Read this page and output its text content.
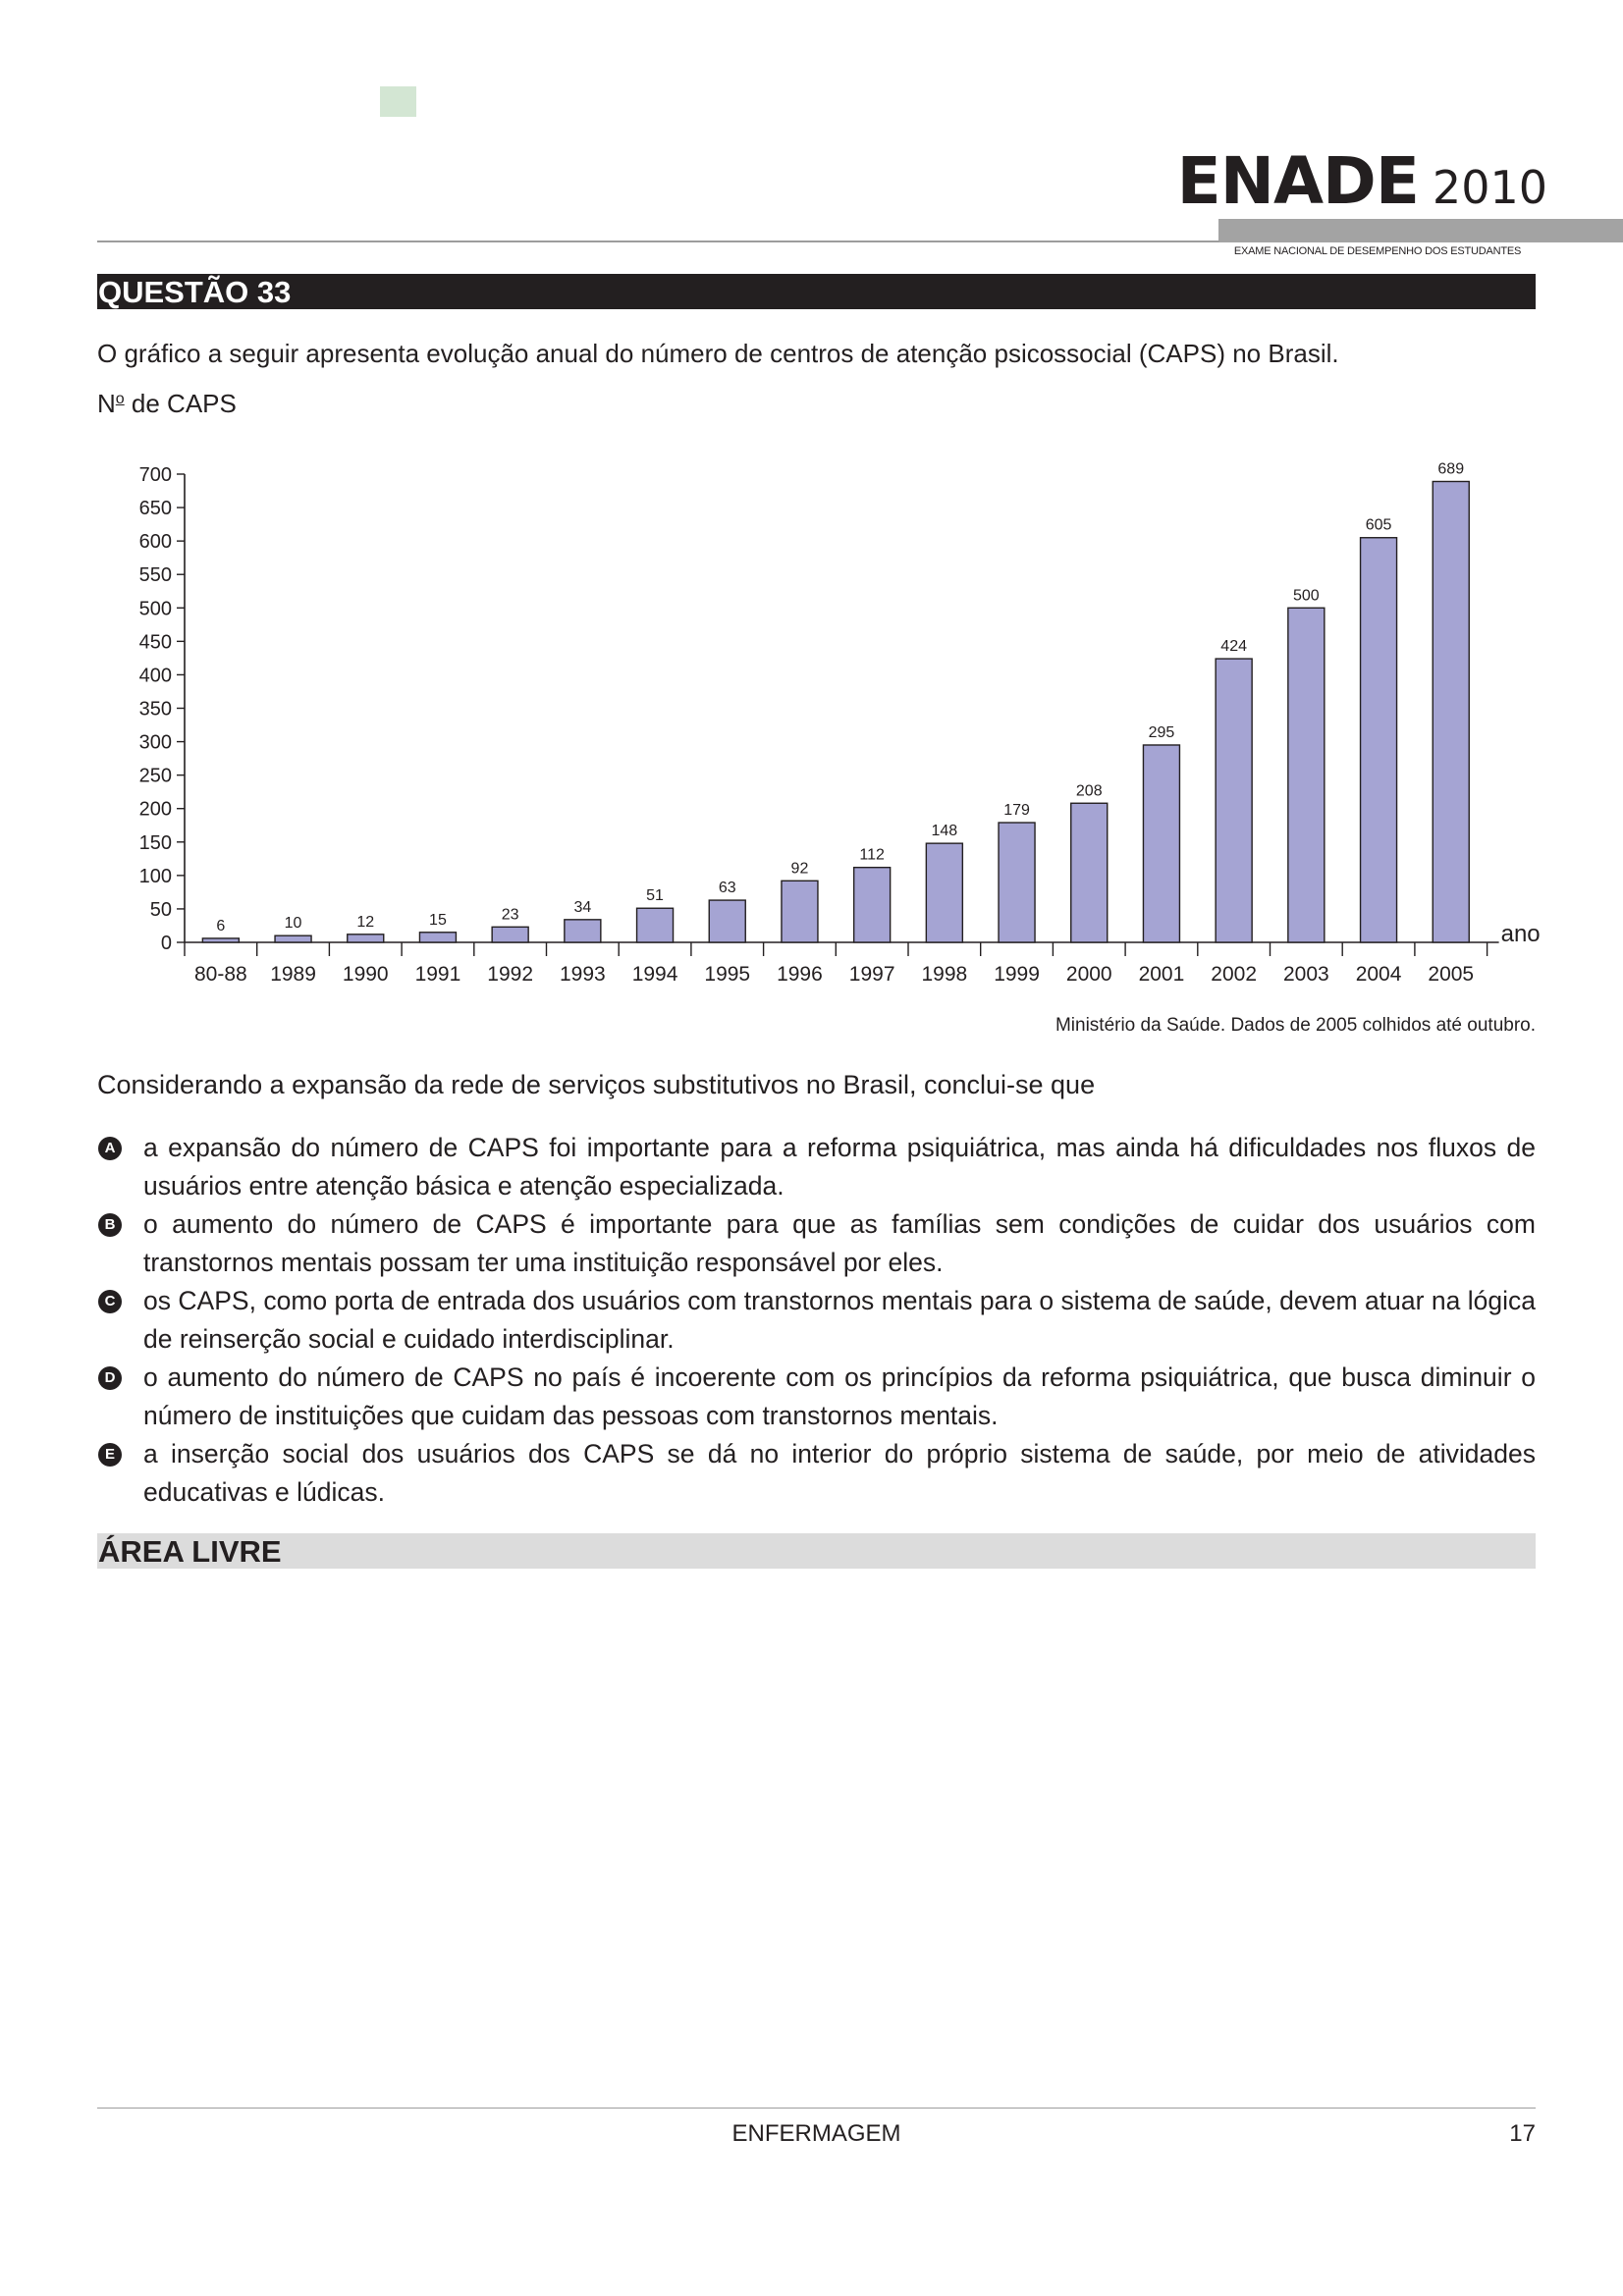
ENADE 2010
EXAME NACIONAL DE DESEMPENHO DOS ESTUDANTES
QUESTÃO 33
O gráfico a seguir apresenta evolução anual do número de centros de atenção psicossocial (CAPS) no Brasil.
$N^o$ de CAPS
0
50
100
150
200
250
300
350
400
450
500
550
600
650
700
6
80-88
10
1989
12
1990
15
1991
23
1992
34
1993
51
1994
63
1995
92
1996
112
1997
148
1998
179
1999
208
2000
295
2001
424
2002
500
2003
605
2004
689
2005
ano
Ministério da Saúde. Dados de 2005 colhidos até outubro.
Considerando a expansão da rede de serviços substitutivos no Brasil, conclui-se que
A a expansão do número de CAPS foi importante para a reforma psiquiátrica, mas ainda há dificuldades nos fluxos de usuários entre atenção básica e atenção especializada.
B o aumento do número de CAPS é importante para que as famílias sem condições de cuidar dos usuários com transtornos mentais possam ter uma instituição responsável por eles.
C os CAPS, como porta de entrada dos usuários com transtornos mentais para o sistema de saúde, devem atuar na lógica de reinserção social e cuidado interdisciplinar.
D o aumento do número de CAPS no país é incoerente com os princípios da reforma psiquiátrica, que busca diminuir o número de instituições que cuidam das pessoas com transtornos mentais.
E a inserção social dos usuários dos CAPS se dá no interior do próprio sistema de saúde, por meio de atividades educativas e lúdicas.
ÁREA LIVRE
ENFERMAGEM	17
